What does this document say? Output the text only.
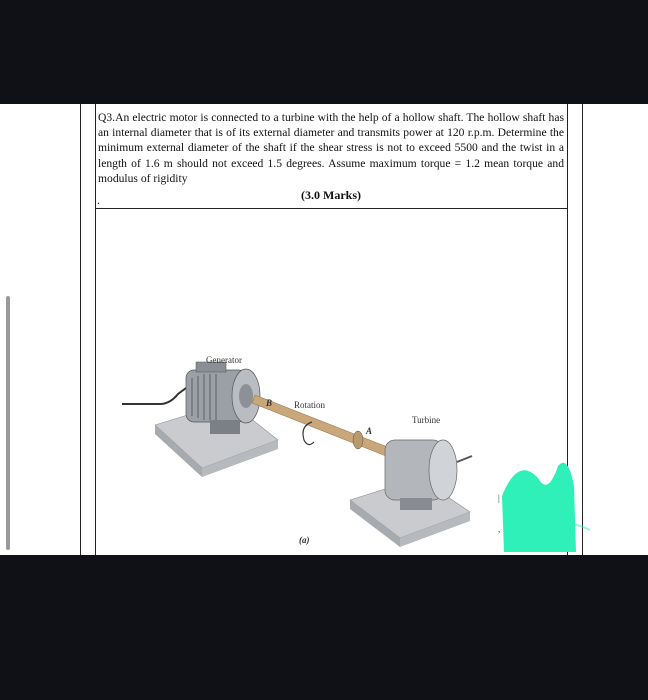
Q3.An electric motor is connected to a turbine with the help of a hollow shaft. The hollow shaft has an internal diameter that is of its external diameter and transmits power at 120 r.p.m. Determine the minimum external diameter of the shaft if the shear stress is not to exceed 5500 and the twist in a length of 1.6 m should not exceed 1.5 degrees. Assume maximum torque = 1.2 mean torque and modulus of rigidity
.	(3.0 Marks)
Generator
Rotation
Turbine
B
A
(a)
|
,
